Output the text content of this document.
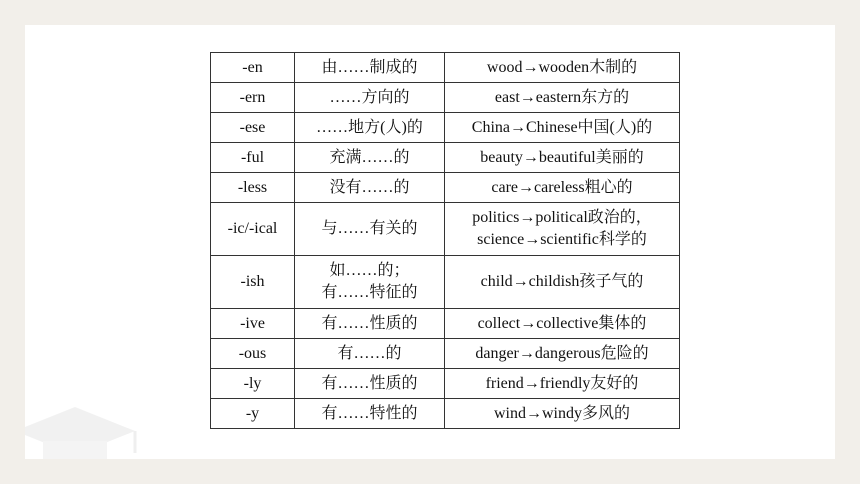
-en	由……制成的	wood→wooden木制的

-ern	……方向的	east→eastern东方的

-ese	……地方(人)的	China→Chinese中国(人)的

-ful	充满……的	beauty→beautiful美丽的

-less	没有……的	care→careless粗心的

-ic/-ical	与……有关的	politics→political政治的，
science→scientific科学的

-ish	如……的；
有……特征的	child→childish孩子气的

-ive	有……性质的	collect→collective集体的

-ous	有……的	danger→dangerous危险的

-ly	有……性质的	friend→friendly友好的

-y	有……特性的	wind→windy多风的
